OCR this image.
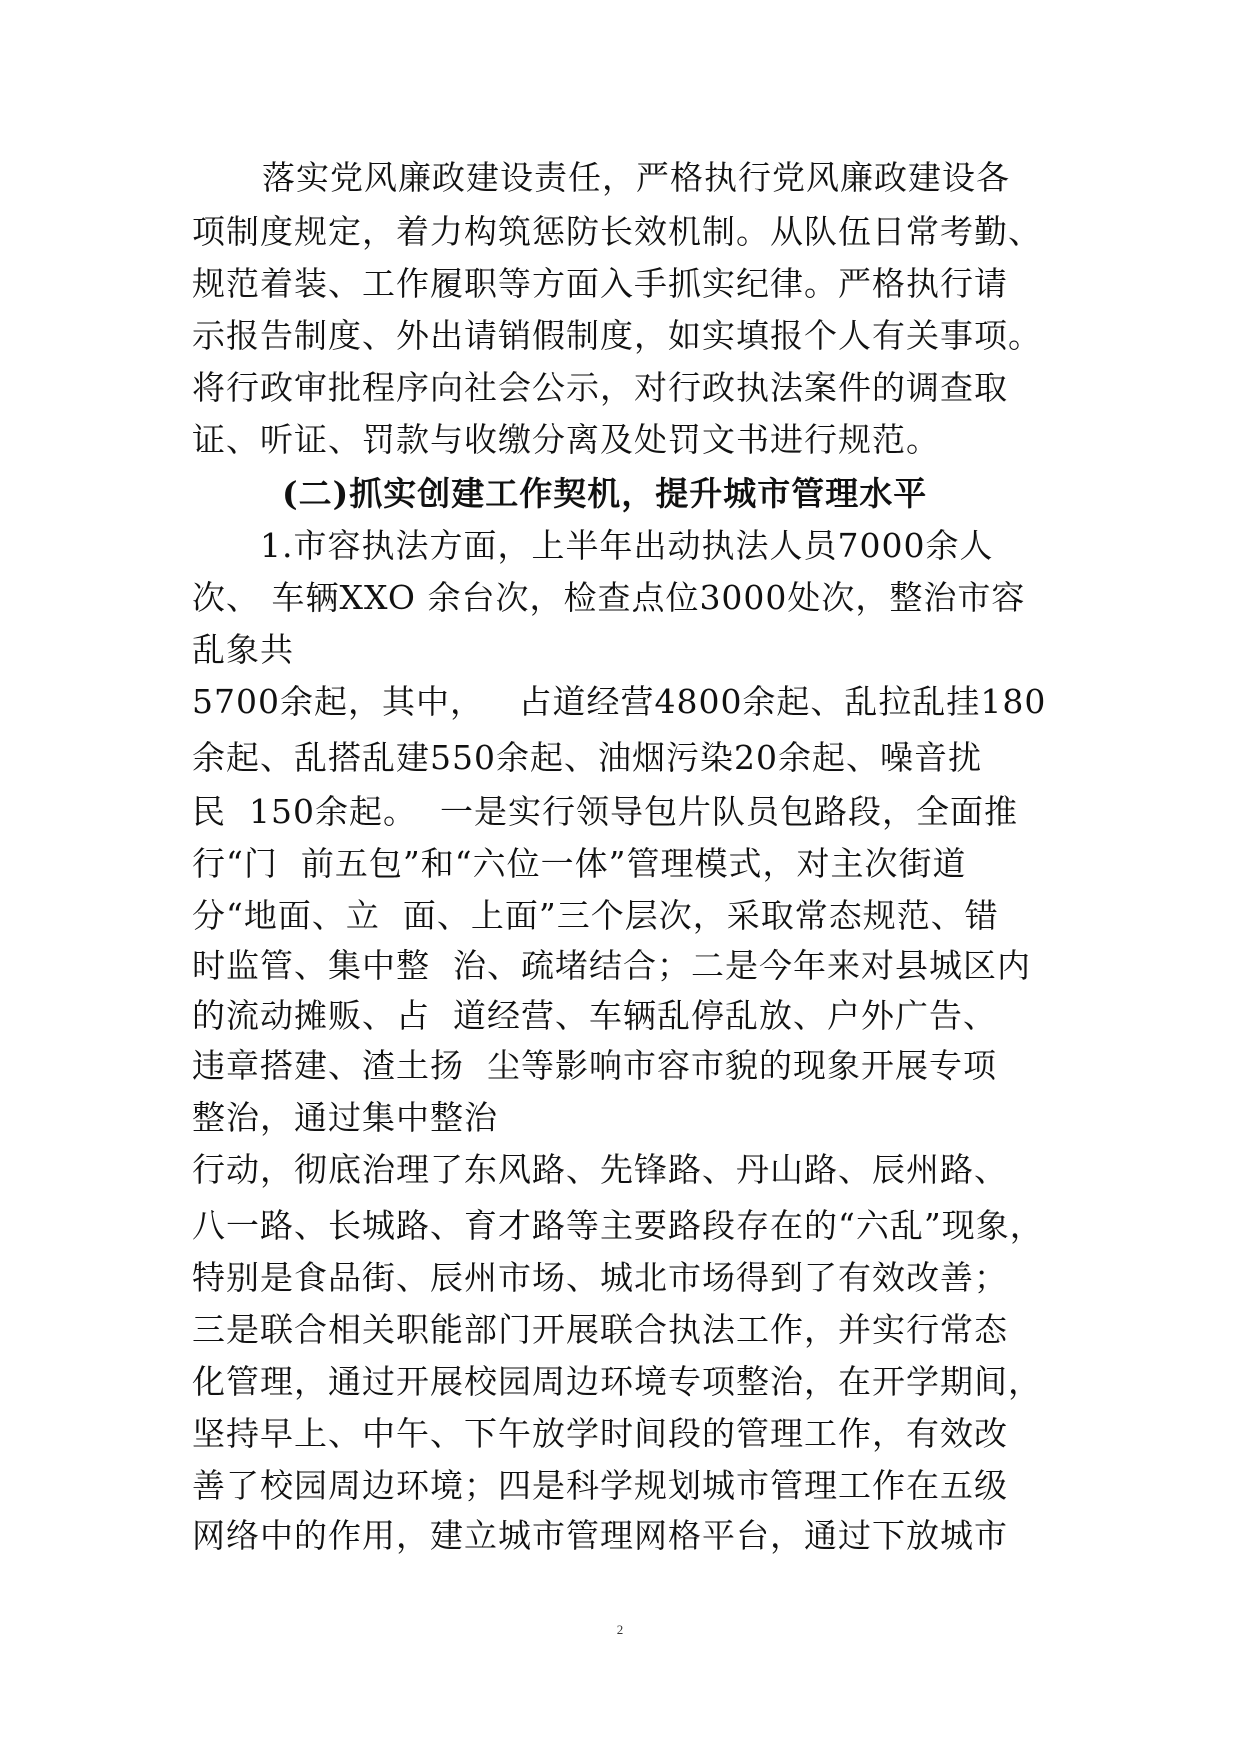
落实党风廉政建设责任，严格执行党风廉政建设各
项制度规定，着力构筑惩防长效机制。从队伍日常考勤、
规范着装、工作履职等方面入手抓实纪律。严格执行请
示报告制度、外出请销假制度，如实填报个人有关事项。
将行政审批程序向社会公示，对行政执法案件的调查取
证、听证、罚款与收缴分离及处罚文书进行规范。
(二)抓实创建工作契机，提升城市管理水平
1.市容执法方面，上半年出动执法人员7000余人
次、 车辆XXO 余台次，检查点位3000处次，整治市容
乱象共
5700余起，其中，   占道经营4800余起、乱拉乱挂180
余起、乱搭乱建550余起、油烟污染20余起、噪音扰
民  150余起。  一是实行领导包片队员包路段，全面推
行“门  前五包”和“六位一体”管理模式，对主次街道
分“地面、立  面、上面”三个层次，采取常态规范、错
时监管、集中整  治、疏堵结合；二是今年来对县城区内
的流动摊贩、占  道经营、车辆乱停乱放、户外广告、
违章搭建、渣土扬  尘等影响市容市貌的现象开展专项
整治，通过集中整治
行动，彻底治理了东风路、先锋路、丹山路、辰州路、
八一路、长城路、育才路等主要路段存在的“六乱”现象，
特别是食品街、辰州市场、城北市场得到了有效改善；
三是联合相关职能部门开展联合执法工作，并实行常态
化管理，通过开展校园周边环境专项整治，在开学期间，
坚持早上、中午、下午放学时间段的管理工作，有效改
善了校园周边环境；四是科学规划城市管理工作在五级
网络中的作用，建立城市管理网格平台，通过下放城市
2
